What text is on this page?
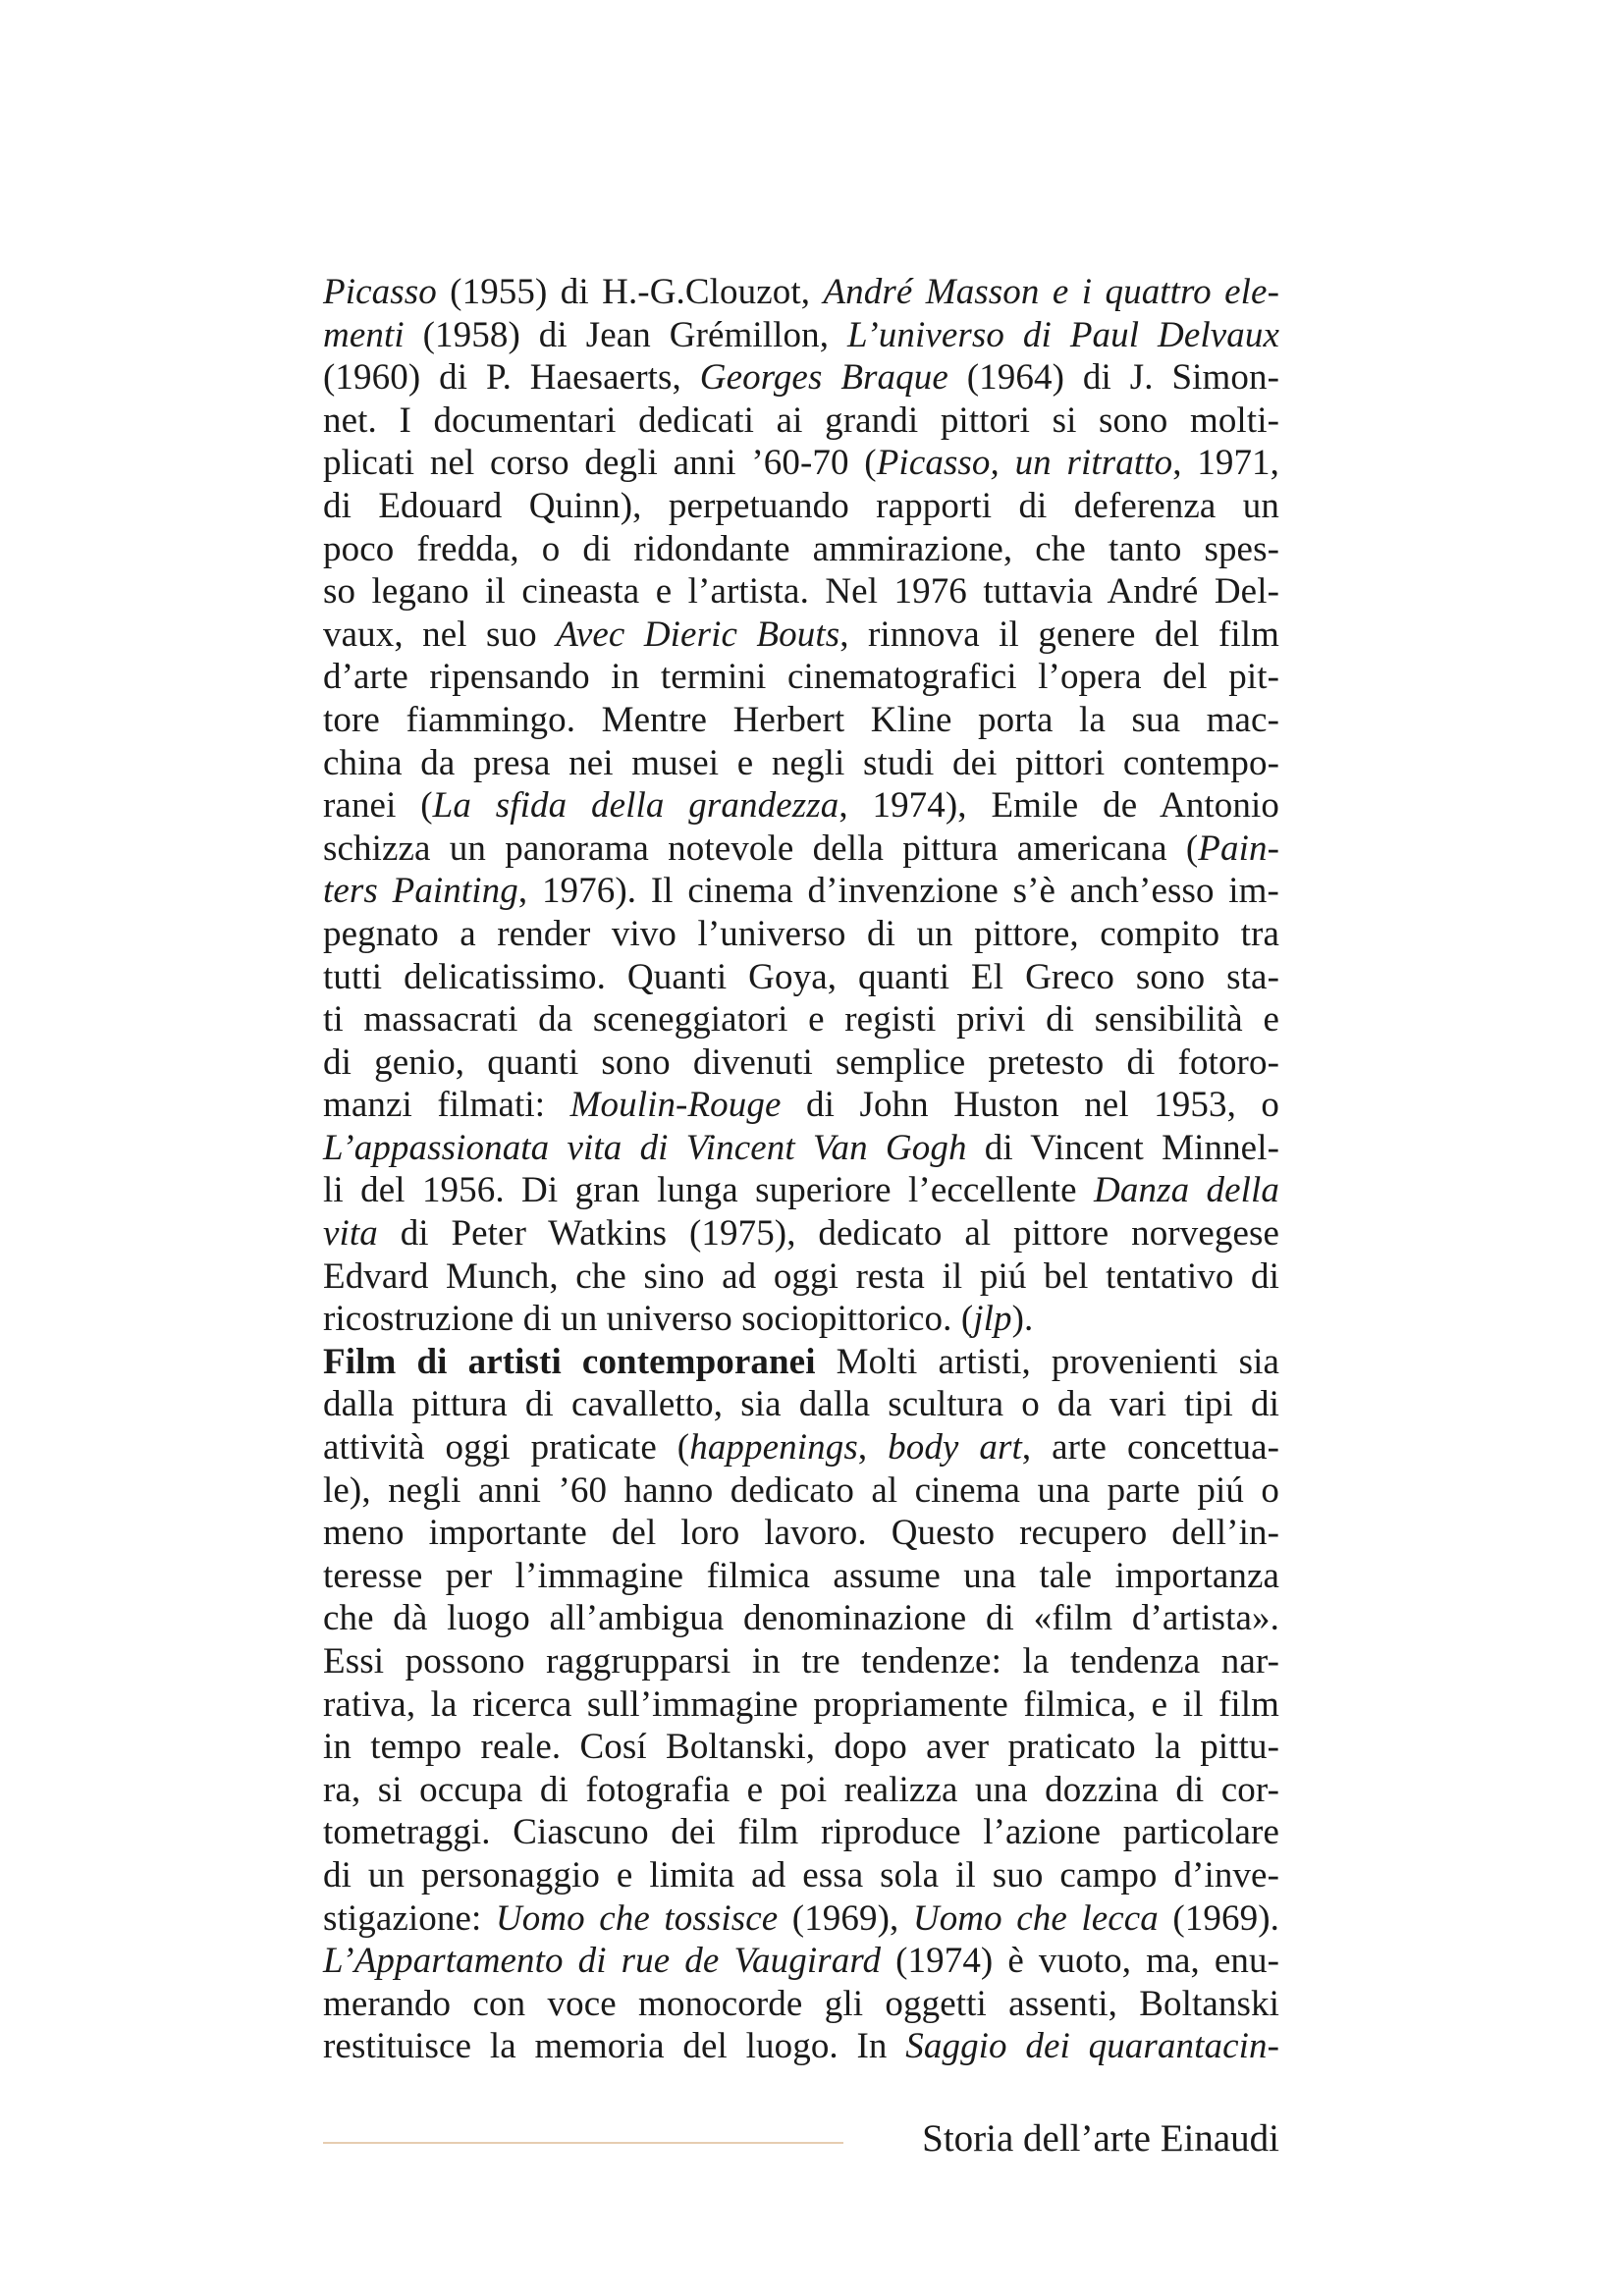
Picasso (1955) di H.-G.Clouzot, André Masson e i quattro ele-
menti (1958) di Jean Grémillon, L’universo di Paul Delvaux
(1960) di P. Haesaerts, Georges Braque (1964) di J. Simon-
net. I documentari dedicati ai grandi pittori si sono molti-
plicati nel corso degli anni ’60-70 (Picasso, un ritratto, 1971,
di Edouard Quinn), perpetuando rapporti di deferenza un
poco fredda, o di ridondante ammirazione, che tanto spes-
so legano il cineasta e l’artista. Nel 1976 tuttavia André Del-
vaux, nel suo Avec Dieric Bouts, rinnova il genere del film
d’arte ripensando in termini cinematografici l’opera del pit-
tore fiammingo. Mentre Herbert Kline porta la sua mac-
china da presa nei musei e negli studi dei pittori contempo-
ranei (La sfida della grandezza, 1974), Emile de Antonio
schizza un panorama notevole della pittura americana (Pain-
ters Painting, 1976). Il cinema d’invenzione s’è anch’esso im-
pegnato a render vivo l’universo di un pittore, compito tra
tutti delicatissimo. Quanti Goya, quanti El Greco sono sta-
ti massacrati da sceneggiatori e registi privi di sensibilità e
di genio, quanti sono divenuti semplice pretesto di fotoro-
manzi filmati: Moulin-Rouge di John Huston nel 1953, o
L’appassionata vita di Vincent Van Gogh di Vincent Minnel-
li del 1956. Di gran lunga superiore l’eccellente Danza della
vita di Peter Watkins (1975), dedicato al pittore norvegese
Edvard Munch, che sino ad oggi resta il piú bel tentativo di
ricostruzione di un universo sociopittorico. (jlp).
Film di artisti contemporanei Molti artisti, provenienti sia
dalla pittura di cavalletto, sia dalla scultura o da vari tipi di
attività oggi praticate (happenings, body art, arte concettua-
le), negli anni ’60 hanno dedicato al cinema una parte piú o
meno importante del loro lavoro. Questo recupero dell’in-
teresse per l’immagine filmica assume una tale importanza
che dà luogo all’ambigua denominazione di «film d’artista».
Essi possono raggrupparsi in tre tendenze: la tendenza nar-
rativa, la ricerca sull’immagine propriamente filmica, e il film
in tempo reale. Cosí Boltanski, dopo aver praticato la pittu-
ra, si occupa di fotografia e poi realizza una dozzina di cor-
tometraggi. Ciascuno dei film riproduce l’azione particolare
di un personaggio e limita ad essa sola il suo campo d’inve-
stigazione: Uomo che tossisce (1969), Uomo che lecca (1969).
L’Appartamento di rue de Vaugirard (1974) è vuoto, ma, enu-
merando con voce monocorde gli oggetti assenti, Boltanski
restituisce la memoria del luogo. In Saggio dei quarantacin-
Storia dell’arte Einaudi
